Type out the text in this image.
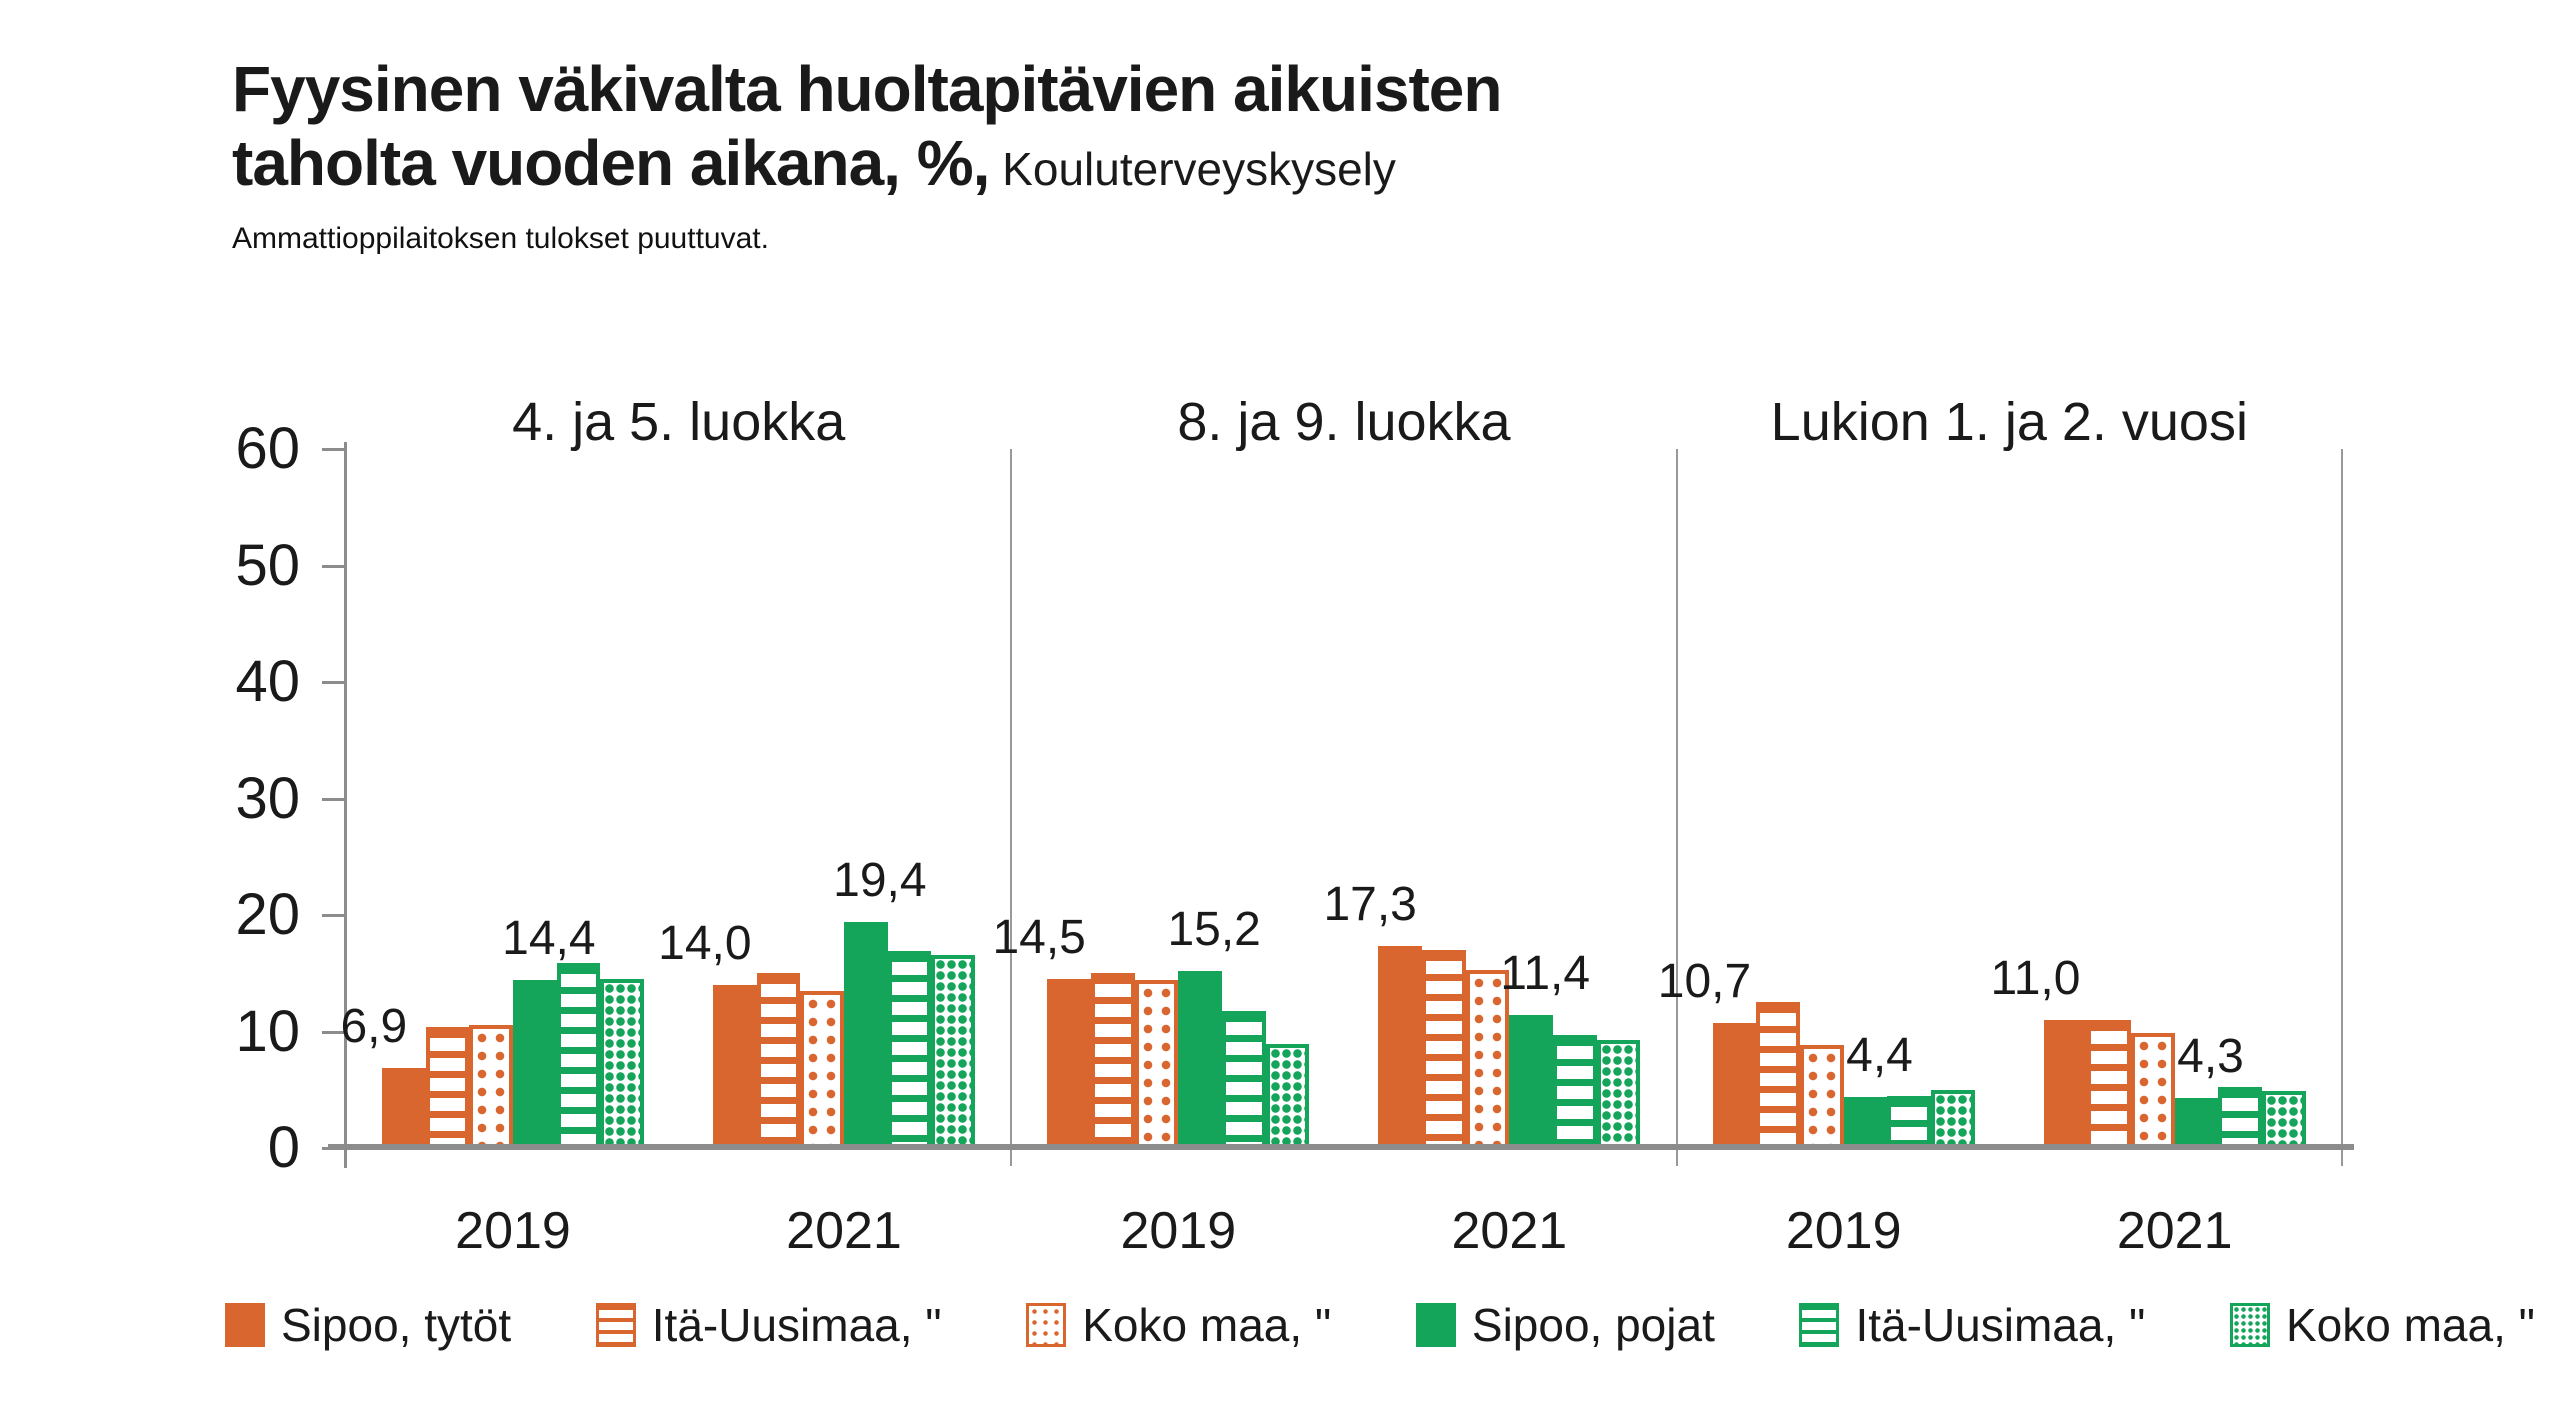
Fyysinen väkivalta huoltapitävien aikuisten
taholta vuoden aikana, %, Kouluterveyskysely
Ammattioppilaitoksen tulokset puuttuvat.
0
10
20
30
40
50
60	4. ja 5. luokka
6,9
14,4
2019
14,0
19,4
2021
8. ja 9. luokka
14,5 15,2
2019
17,3
11,4
2021
Lukion 1. ja 2. vuosi
10,7
4,4
2019
11,0
4,3
2021
Sipoo, tytöt	Itä-Uusimaa, "	Koko maa, "	Sipoo, pojat	Itä-Uusimaa, "	Koko maa, "
